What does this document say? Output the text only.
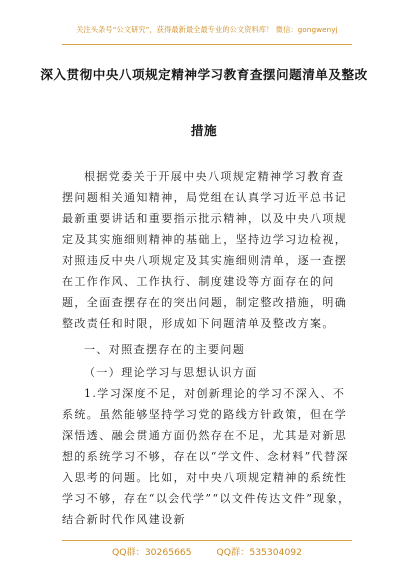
关注头条号“公文研究”，获得最新最全最专业的公文资料库！ 微信：gongwenyj
深入贯彻中央八项规定精神学习教育查摆问题清单及整改
措施
根据党委关于开展中央八项规定精神学习教育查摆问题相关通知精神，局党组在认真学习近平总书记最新重要讲话和重要指示批示精神，以及中央八项规定及其实施细则精神的基础上，坚持边学习边检视，对照违反中央八项规定及其实施细则清单，逐一查摆在工作作风、工作执行、制度建设等方面存在的问题，全面查摆存在的突出问题，制定整改措施，明确整改责任和时限，形成如下问题清单及整改方案。
一、对照查摆存在的主要问题
（一）理论学习与思想认识方面
1.学习深度不足，对创新理论的学习不深入、不系统。虽然能够坚持学习党的路线方针政策，但在学深悟透、融会贯通方面仍然存在不足，尤其是对新思想的系统学习不够，存在以“学文件、念材料”代替深入思考的问题。比如，对中央八项规定精神的系统性学习不够，存在“以会代学”“以文件传达文件”现象，结合新时代作风建设新
QQ群：30265665	QQ群：535304092
